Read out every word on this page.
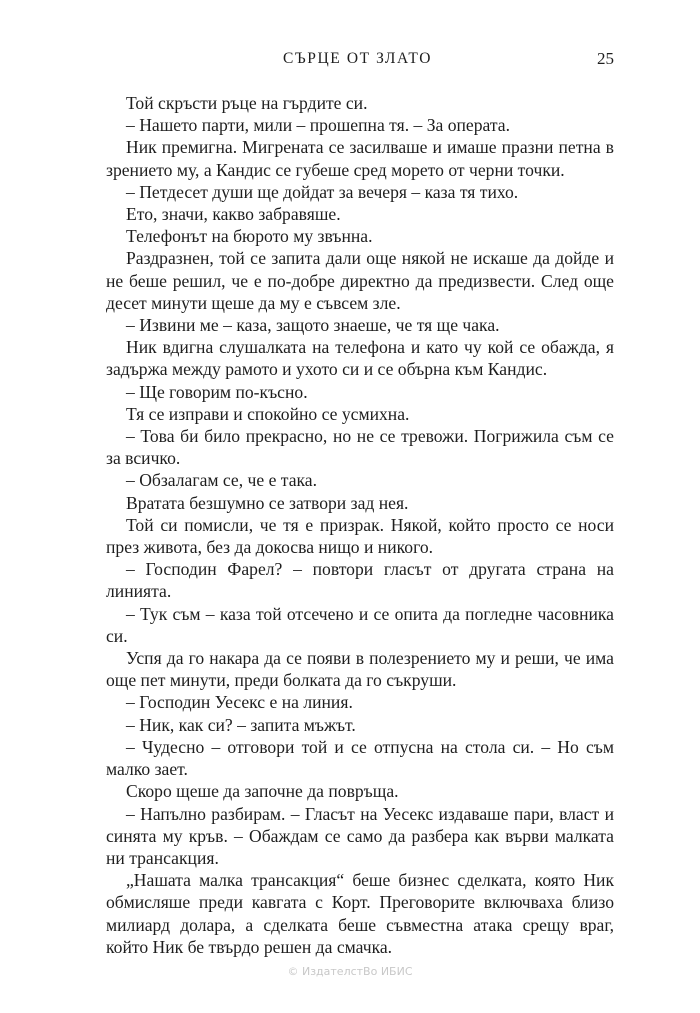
СЪРЦЕ ОТ ЗЛАТО	25

Той скръсти ръце на гърдите си.

– Нашето парти, мили – прошепна тя. – За операта.

Ник премигна. Мигрената се засилваше и имаше празни петна в зрението му, а Кандис се губеше сред морето от черни точки.

– Петдесет души ще дойдат за вечеря – каза тя тихо.

Ето, значи, какво забравяше.

Телефонът на бюрото му звънна.

Раздразнен, той се запита дали още някой не искаше да дойде и не беше решил, че е по-добре директно да предизвести. След още десет минути щеше да му е съвсем зле.

– Извини ме – каза, защото знаеше, че тя ще чака.

Ник вдигна слушалката на телефона и като чу кой се обажда, я задържа между рамото и ухото си и се обърна към Кандис.

– Ще говорим по-късно.

Тя се изправи и спокойно се усмихна.

– Това би било прекрасно, но не се тревожи. Погрижила съм се за всичко.

– Обзалагам се, че е така.

Вратата безшумно се затвори зад нея.

Той си помисли, че тя е призрак. Някой, който просто се носи през живота, без да докосва нищо и никого.

– Господин Фарел? – повтори гласът от другата страна на линията.

– Тук съм – каза той отсечено и се опита да погледне часовника си.

Успя да го накара да се появи в полезрението му и реши, че има още пет минути, преди болката да го съкруши.

– Господин Уесекс е на линия.

– Ник, как си? – запита мъжът.

– Чудесно – отговори той и се отпусна на стола си. – Но съм малко зает.

Скоро щеше да започне да повръща.

– Напълно разбирам. – Гласът на Уесекс издаваше пари, власт и синята му кръв. – Обаждам се само да разбера как върви малката ни трансакция.

„Нашата малка трансакция“ беше бизнес сделката, която Ник обмисляше преди кавгата с Корт. Преговорите включваха близо милиард долара, а сделката беше съвместна атака срещу враг, който Ник бе твърдо решен да смачка.

© ИздателстВо ИБИС
